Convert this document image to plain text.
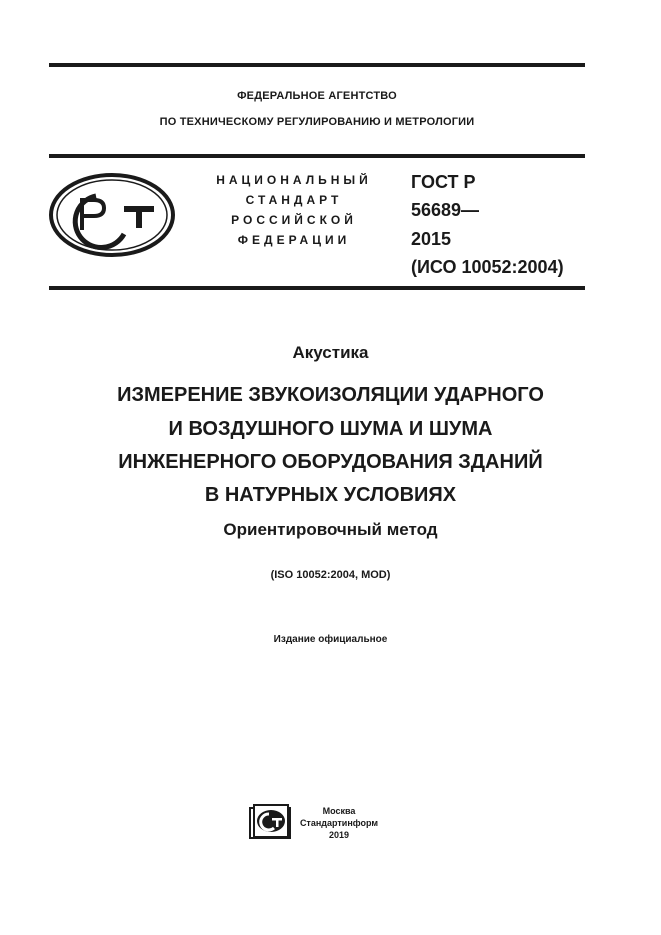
ФЕДЕРАЛЬНОЕ АГЕНТСТВО
ПО ТЕХНИЧЕСКОМУ РЕГУЛИРОВАНИЮ И МЕТРОЛОГИИ
НАЦИОНАЛЬНЫЙ
СТАНДАРТ
РОССИЙСКОЙ
ФЕДЕРАЦИИ
ГОСТ Р
56689—
2015
(ИСО 10052:2004)
Акустика
ИЗМЕРЕНИЕ ЗВУКОИЗОЛЯЦИИ УДАРНОГО
И ВОЗДУШНОГО ШУМА И ШУМА
ИНЖЕНЕРНОГО ОБОРУДОВАНИЯ ЗДАНИЙ
В НАТУРНЫХ УСЛОВИЯХ
Ориентировочный метод
(ISO 10052:2004, MOD)
Издание официальное
Москва
Стандартинформ
2019
